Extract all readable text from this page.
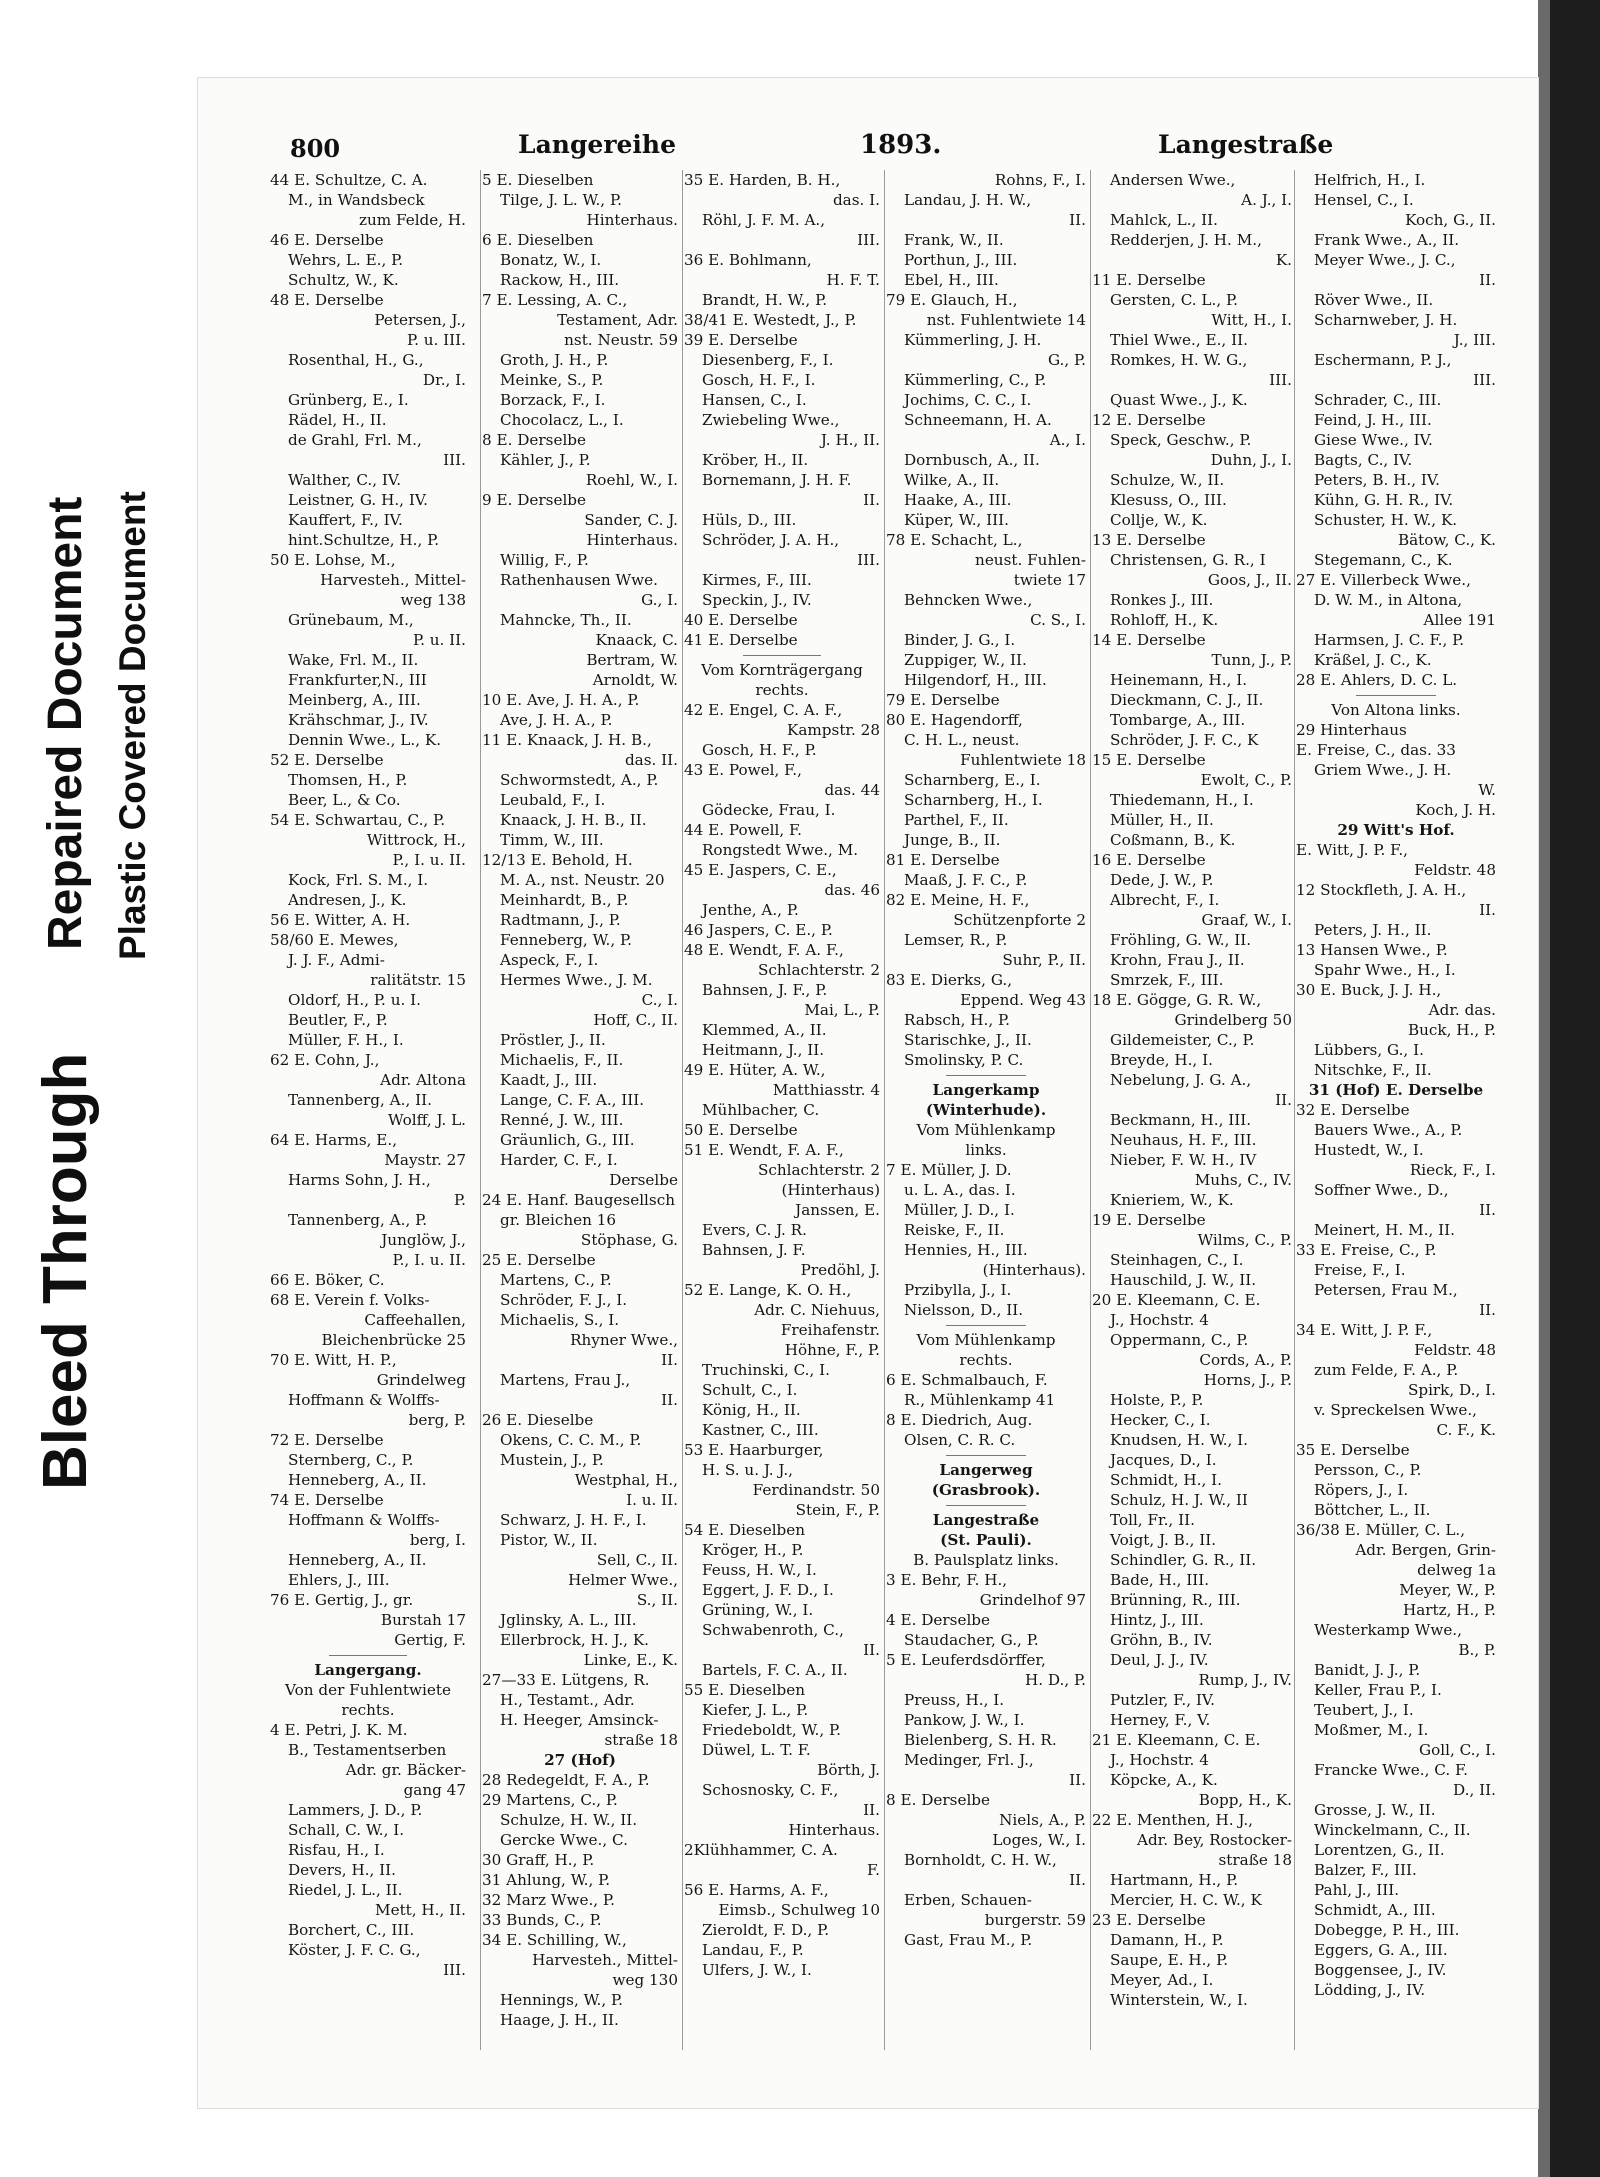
Bleed Through
Repaired Document Plastic Covered Document
800	Langereihe	1893.	Langestraße
44 E. Schultze, C. A.
M., in Wandsbeck
zum Felde, H.
46 E. Derselbe
Wehrs, L. E., P.
Schultz, W., K.
48 E. Derselbe
Petersen, J.,
P. u. III.
Rosenthal, H., G.,
Dr., I.
Grünberg, E., I.
Rädel, H., II.
de Grahl, Frl. M.,
III.
Walther, C., IV.
Leistner, G. H., IV.
Kauffert, F., IV.
hint.Schultze, H., P.
50 E. Lohse, M.,
Harvesteh., Mittel-
weg 138
Grünebaum, M.,
P. u. II.
Wake, Frl. M., II.
Frankfurter,N., III
Meinberg, A., III.
Krähschmar, J., IV.
Dennin Wwe., L., K.
52 E. Derselbe
Thomsen, H., P.
Beer, L., & Co.
54 E. Schwartau, C., P.
Wittrock, H.,
P., I. u. II.
Kock, Frl. S. M., I.
Andresen, J., K.
56 E. Witter, A. H.
58/60 E. Mewes,
J. J. F., Admi-
ralitätstr. 15
Oldorf, H., P. u. I.
Beutler, F., P.
Müller, F. H., I.
62 E. Cohn, J.,
Adr. Altona
Tannenberg, A., II.
Wolff, J. L.
64 E. Harms, E.,
Maystr. 27
Harms Sohn, J. H.,
P.
Tannenberg, A., P.
Junglöw, J.,
P., I. u. II.
66 E. Böker, C.
68 E. Verein f. Volks-
Caffeehallen,
Bleichenbrücke 25
70 E. Witt, H. P.,
Grindelweg
Hoffmann & Wolffs-
berg, P.
72 E. Derselbe
Sternberg, C., P.
Henneberg, A., II.
74 E. Derselbe
Hoffmann & Wolffs-
berg, I.
Henneberg, A., II.
Ehlers, J., III.
76 E. Gertig, J., gr.
Burstah 17
Gertig, F.
Langergang.
Von der Fuhlentwiete
rechts.
4 E. Petri, J. K. M.
B., Testamentserben
Adr. gr. Bäcker-
gang 47
Lammers, J. D., P.
Schall, C. W., I.
Risfau, H., I.
Devers, H., II.
Riedel, J. L., II.
Mett, H., II.
Borchert, C., III.
Köster, J. F. C. G.,
III.
5 E. Dieselben
Tilge, J. L. W., P.
Hinterhaus.
6 E. Dieselben
Bonatz, W., I.
Rackow, H., III.
7 E. Lessing, A. C.,
Testament, Adr.
nst. Neustr. 59
Groth, J. H., P.
Meinke, S., P.
Borzack, F., I.
Chocolacz, L., I.
8 E. Derselbe
Kähler, J., P.
Roehl, W., I.
9 E. Derselbe
Sander, C. J.
Hinterhaus.
Willig, F., P.
Rathenhausen Wwe.
G., I.
Mahncke, Th., II.
Knaack, C.
Bertram, W.
Arnoldt, W.
10 E. Ave, J. H. A., P.
Ave, J. H. A., P.
11 E. Knaack, J. H. B.,
das. II.
Schwormstedt, A., P.
Leubald, F., I.
Knaack, J. H. B., II.
Timm, W., III.
12/13 E. Behold, H.
M. A., nst. Neustr. 20
Meinhardt, B., P.
Radtmann, J., P.
Fenneberg, W., P.
Aspeck, F., I.
Hermes Wwe., J. M.
C., I.
Hoff, C., II.
Pröstler, J., II.
Michaelis, F., II.
Kaadt, J., III.
Lange, C. F. A., III.
Renné, J. W., III.
Gräunlich, G., III.
Harder, C. F., I.
Derselbe
24 E. Hanf. Baugesellsch
gr. Bleichen 16
Stöphase, G.
25 E. Derselbe
Martens, C., P.
Schröder, F. J., I.
Michaelis, S., I.
Rhyner Wwe.,
II.
Martens, Frau J.,
II.
26 E. Dieselbe
Okens, C. C. M., P.
Mustein, J., P.
Westphal, H.,
I. u. II.
Schwarz, J. H. F., I.
Pistor, W., II.
Sell, C., II.
Helmer Wwe.,
S., II.
Jglinsky, A. L., III.
Ellerbrock, H. J., K.
Linke, E., K.
27—33 E. Lütgens, R.
H., Testamt., Adr.
H. Heeger, Amsinck-
straße 18
27 (Hof)
28 Redegeldt, F. A., P.
29 Martens, C., P.
Schulze, H. W., II.
Gercke Wwe., C.
30 Graff, H., P.
31 Ahlung, W., P.
32 Marz Wwe., P.
33 Bunds, C., P.
34 E. Schilling, W.,
Harvesteh., Mittel-
weg 130
Hennings, W., P.
Haage, J. H., II.
35 E. Harden, B. H.,
das. I.
Röhl, J. F. M. A.,
III.
36 E. Bohlmann,
H. F. T.
Brandt, H. W., P.
38/41 E. Westedt, J., P.
39 E. Derselbe
Diesenberg, F., I.
Gosch, H. F., I.
Hansen, C., I.
Zwiebeling Wwe.,
J. H., II.
Kröber, H., II.
Bornemann, J. H. F.
II.
Hüls, D., III.
Schröder, J. A. H.,
III.
Kirmes, F., III.
Speckin, J., IV.
40 E. Derselbe
41 E. Derselbe
Vom Kornträgergang
rechts.
42 E. Engel, C. A. F.,
Kampstr. 28
Gosch, H. F., P.
43 E. Powel, F.,
das. 44
Gödecke, Frau, I.
44 E. Powell, F.
Rongstedt Wwe., M.
45 E. Jaspers, C. E.,
das. 46
Jenthe, A., P.
46 Jaspers, C. E., P.
48 E. Wendt, F. A. F.,
Schlachterstr. 2
Bahnsen, J. F., P.
Mai, L., P.
Klemmed, A., II.
Heitmann, J., II.
49 E. Hüter, A. W.,
Matthiasstr. 4
Mühlbacher, C.
50 E. Derselbe
51 E. Wendt, F. A. F.,
Schlachterstr. 2
(Hinterhaus)
Janssen, E.
Evers, C. J. R.
Bahnsen, J. F.
Predöhl, J.
52 E. Lange, K. O. H.,
Adr. C. Niehuus,
Freihafenstr.
Höhne, F., P.
Truchinski, C., I.
Schult, C., I.
König, H., II.
Kastner, C., III.
53 E. Haarburger,
H. S. u. J. J.,
Ferdinandstr. 50
Stein, F., P.
54 E. Dieselben
Kröger, H., P.
Feuss, H. W., I.
Eggert, J. F. D., I.
Grüning, W., I.
Schwabenroth, C.,
II.
Bartels, F. C. A., II.
55 E. Dieselben
Kiefer, J. L., P.
Friedeboldt, W., P.
Düwel, L. T. F.
Börth, J.
Schosnosky, C. F.,
II.
Hinterhaus.
2Klühhammer, C. A.
F.
56 E. Harms, A. F.,
Eimsb., Schulweg 10
Zieroldt, F. D., P.
Landau, F., P.
Ulfers, J. W., I.
Rohns, F., I.
Landau, J. H. W.,
II.
Frank, W., II.
Porthun, J., III.
Ebel, H., III.
79 E. Glauch, H.,
nst. Fuhlentwiete 14
Kümmerling, J. H.
G., P.
Kümmerling, C., P.
Jochims, C. C., I.
Schneemann, H. A.
A., I.
Dornbusch, A., II.
Wilke, A., II.
Haake, A., III.
Küper, W., III.
78 E. Schacht, L.,
neust. Fuhlen-
twiete 17
Behncken Wwe.,
C. S., I.
Binder, J. G., I.
Zuppiger, W., II.
Hilgendorf, H., III.
79 E. Derselbe
80 E. Hagendorff,
C. H. L., neust.
Fuhlentwiete 18
Scharnberg, E., I.
Scharnberg, H., I.
Parthel, F., II.
Junge, B., II.
81 E. Derselbe
Maaß, J. F. C., P.
82 E. Meine, H. F.,
Schützenpforte 2
Lemser, R., P.
Suhr, P., II.
83 E. Dierks, G.,
Eppend. Weg 43
Rabsch, H., P.
Starischke, J., II.
Smolinsky, P. C.
Langerkamp
(Winterhude).
Vom Mühlenkamp
links.
7 E. Müller, J. D.
u. L. A., das. I.
Müller, J. D., I.
Reiske, F., II.
Hennies, H., III.
(Hinterhaus).
Przibylla, J., I.
Nielsson, D., II.
Vom Mühlenkamp
rechts.
6 E. Schmalbauch, F.
R., Mühlenkamp 41
8 E. Diedrich, Aug.
Olsen, C. R. C.
Langerweg
(Grasbrook).
Langestraße
(St. Pauli).
B. Paulsplatz links.
3 E. Behr, F. H.,
Grindelhof 97
4 E. Derselbe
Staudacher, G., P.
5 E. Leuferdsdörffer,
H. D., P.
Preuss, H., I.
Pankow, J. W., I.
Bielenberg, S. H. R.
Medinger, Frl. J.,
II.
8 E. Derselbe
Niels, A., P.
Loges, W., I.
Bornholdt, C. H. W.,
II.
Erben, Schauen-
burgerstr. 59
Gast, Frau M., P.
Andersen Wwe.,
A. J., I.
Mahlck, L., II.
Redderjen, J. H. M.,
K.
11 E. Derselbe
Gersten, C. L., P.
Witt, H., I.
Thiel Wwe., E., II.
Romkes, H. W. G.,
III.
Quast Wwe., J., K.
12 E. Derselbe
Speck, Geschw., P.
Duhn, J., I.
Schulze, W., II.
Klesuss, O., III.
Collje, W., K.
13 E. Derselbe
Christensen, G. R., I
Goos, J., II.
Ronkes J., III.
Rohloff, H., K.
14 E. Derselbe
Tunn, J., P.
Heinemann, H., I.
Dieckmann, C. J., II.
Tombarge, A., III.
Schröder, J. F. C., K
15 E. Derselbe
Ewolt, C., P.
Thiedemann, H., I.
Müller, H., II.
Coßmann, B., K.
16 E. Derselbe
Dede, J. W., P.
Albrecht, F., I.
Graaf, W., I.
Fröhling, G. W., II.
Krohn, Frau J., II.
Smrzek, F., III.
18 E. Gögge, G. R. W.,
Grindelberg 50
Gildemeister, C., P.
Breyde, H., I.
Nebelung, J. G. A.,
II.
Beckmann, H., III.
Neuhaus, H. F., III.
Nieber, F. W. H., IV
Muhs, C., IV.
Knieriem, W., K.
19 E. Derselbe
Wilms, C., P.
Steinhagen, C., I.
Hauschild, J. W., II.
20 E. Kleemann, C. E.
J., Hochstr. 4
Oppermann, C., P.
Cords, A., P.
Horns, J., P.
Holste, P., P.
Hecker, C., I.
Knudsen, H. W., I.
Jacques, D., I.
Schmidt, H., I.
Schulz, H. J. W., II
Toll, Fr., II.
Voigt, J. B., II.
Schindler, G. R., II.
Bade, H., III.
Brünning, R., III.
Hintz, J., III.
Gröhn, B., IV.
Deul, J. J., IV.
Rump, J., IV.
Putzler, F., IV.
Herney, F., V.
21 E. Kleemann, C. E.
J., Hochstr. 4
Köpcke, A., K.
Bopp, H., K.
22 E. Menthen, H. J.,
Adr. Bey, Rostocker-
straße 18
Hartmann, H., P.
Mercier, H. C. W., K
23 E. Derselbe
Damann, H., P.
Saupe, E. H., P.
Meyer, Ad., I.
Winterstein, W., I.
Helfrich, H., I.
Hensel, C., I.
Koch, G., II.
Frank Wwe., A., II.
Meyer Wwe., J. C.,
II.
Röver Wwe., II.
Scharnweber, J. H.
J., III.
Eschermann, P. J.,
III.
Schrader, C., III.
Feind, J. H., III.
Giese Wwe., IV.
Bagts, C., IV.
Peters, B. H., IV.
Kühn, G. H. R., IV.
Schuster, H. W., K.
Bätow, C., K.
Stegemann, C., K.
27 E. Villerbeck Wwe.,
D. W. M., in Altona,
Allee 191
Harmsen, J. C. F., P.
Kräßel, J. C., K.
28 E. Ahlers, D. C. L.
Von Altona links.
29 Hinterhaus
E. Freise, C., das. 33
Griem Wwe., J. H.
W.
Koch, J. H.
29 Witt's Hof.
E. Witt, J. P. F.,
Feldstr. 48
12 Stockfleth, J. A. H.,
II.
Peters, J. H., II.
13 Hansen Wwe., P.
Spahr Wwe., H., I.
30 E. Buck, J. J. H.,
Adr. das.
Buck, H., P.
Lübbers, G., I.
Nitschke, F., II.
31 (Hof) E. Derselbe
32 E. Derselbe
Bauers Wwe., A., P.
Hustedt, W., I.
Rieck, F., I.
Soffner Wwe., D.,
II.
Meinert, H. M., II.
33 E. Freise, C., P.
Freise, F., I.
Petersen, Frau M.,
II.
34 E. Witt, J. P. F.,
Feldstr. 48
zum Felde, F. A., P.
Spirk, D., I.
v. Spreckelsen Wwe.,
C. F., K.
35 E. Derselbe
Persson, C., P.
Röpers, J., I.
Böttcher, L., II.
36/38 E. Müller, C. L.,
Adr. Bergen, Grin-
delweg 1a
Meyer, W., P.
Hartz, H., P.
Westerkamp Wwe.,
B., P.
Banidt, J. J., P.
Keller, Frau P., I.
Teubert, J., I.
Moßmer, M., I.
Goll, C., I.
Francke Wwe., C. F.
D., II.
Grosse, J. W., II.
Winckelmann, C., II.
Lorentzen, G., II.
Balzer, F., III.
Pahl, J., III.
Schmidt, A., III.
Dobegge, P. H., III.
Eggers, G. A., III.
Boggensee, J., IV.
Lödding, J., IV.
